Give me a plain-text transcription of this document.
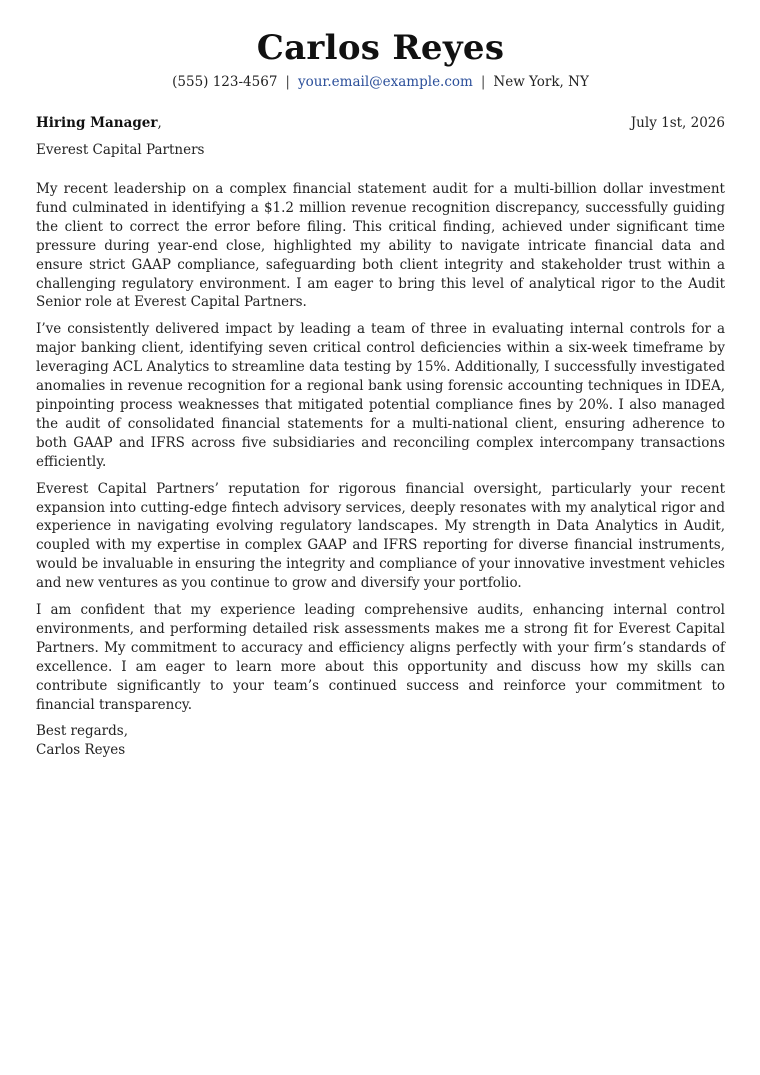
Carlos Reyes
(555) 123-4567 | your.email@example.com | New York, NY
Hiring Manager,	July 1st, 2026
Everest Capital Partners

My recent leadership on a complex financial statement audit for a multi-billion dollar investment fund culminated in identifying a $1.2 million revenue recognition discrepancy, successfully guiding the client to correct the error before filing. This critical finding, achieved under significant time pressure during year-end close, highlighted my ability to navigate intricate financial data and ensure strict GAAP compliance, safeguarding both client integrity and stakeholder trust within a challenging regulatory environment. I am eager to bring this level of analytical rigor to the Audit Senior role at Everest Capital Partners.

I’ve consistently delivered impact by leading a team of three in evaluating internal controls for a major banking client, identifying seven critical control deficiencies within a six-week timeframe by leveraging ACL Analytics to streamline data testing by 15%. Additionally, I successfully investigated anomalies in revenue recognition for a regional bank using forensic accounting techniques in IDEA, pinpointing process weaknesses that mitigated potential compliance fines by 20%. I also managed the audit of consolidated financial statements for a multi-national client, ensuring adherence to both GAAP and IFRS across five subsidiaries and reconciling complex intercompany transactions efficiently.

Everest Capital Partners’ reputation for rigorous financial oversight, particularly your recent expansion into cutting-edge fintech advisory services, deeply resonates with my analytical rigor and experience in navigating evolving regulatory landscapes. My strength in Data Analytics in Audit, coupled with my expertise in complex GAAP and IFRS reporting for diverse financial instruments, would be invaluable in ensuring the integrity and compliance of your innovative investment vehicles and new ventures as you continue to grow and diversify your portfolio.

I am confident that my experience leading comprehensive audits, enhancing internal control environments, and performing detailed risk assessments makes me a strong fit for Everest Capital Partners. My commitment to accuracy and efficiency aligns perfectly with your firm’s standards of excellence. I am eager to learn more about this opportunity and discuss how my skills can contribute significantly to your team’s continued success and reinforce your commitment to financial transparency.

Best regards,
Carlos Reyes
